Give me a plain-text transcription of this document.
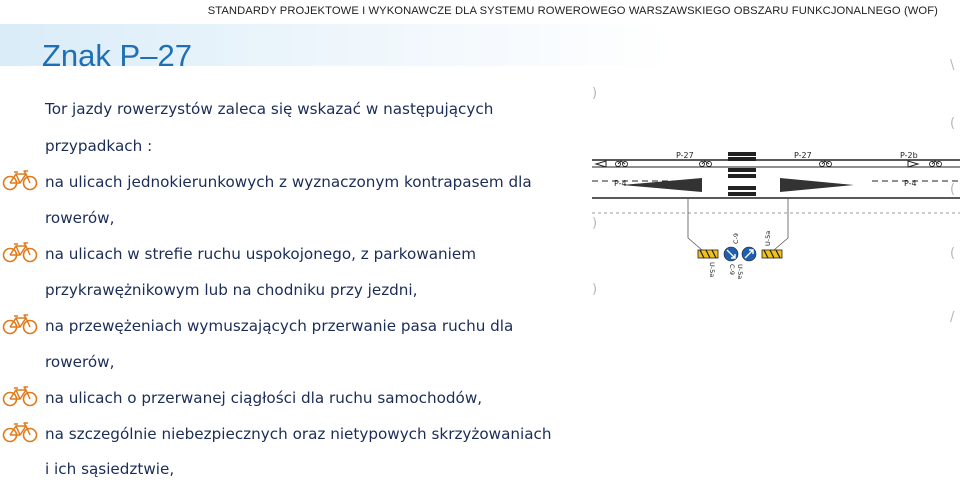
STANDARDY PROJEKTOWE I WYKONAWCZE DLA SYSTEMU ROWEROWEGO WARSZAWSKIEGO OBSZARU FUNKCJONALNEGO (WOF)
Znak P–27
Tor jazdy rowerzystów zaleca się wskazać w następujących
przypadkach :
na ulicach jednokierunkowych z wyznaczonym kontrapasem dla
rowerów,
na ulicach w strefie ruchu uspokojonego, z parkowaniem
przykrawężnikowym lub na chodniku przy jezdni,
na przewężeniach wymuszających przerwanie pasa ruchu dla
rowerów,
na ulicach o przerwanej ciągłości dla ruchu samochodów,
na szczególnie niebezpiecznych oraz nietypowych skrzyżowaniach
i ich sąsiedztwie,
P-27	P-27	P-2b
P-4	P-4
C-9	U-5a
U-5a C-9 U-5a
)
)
)
\
(
(
(
/
